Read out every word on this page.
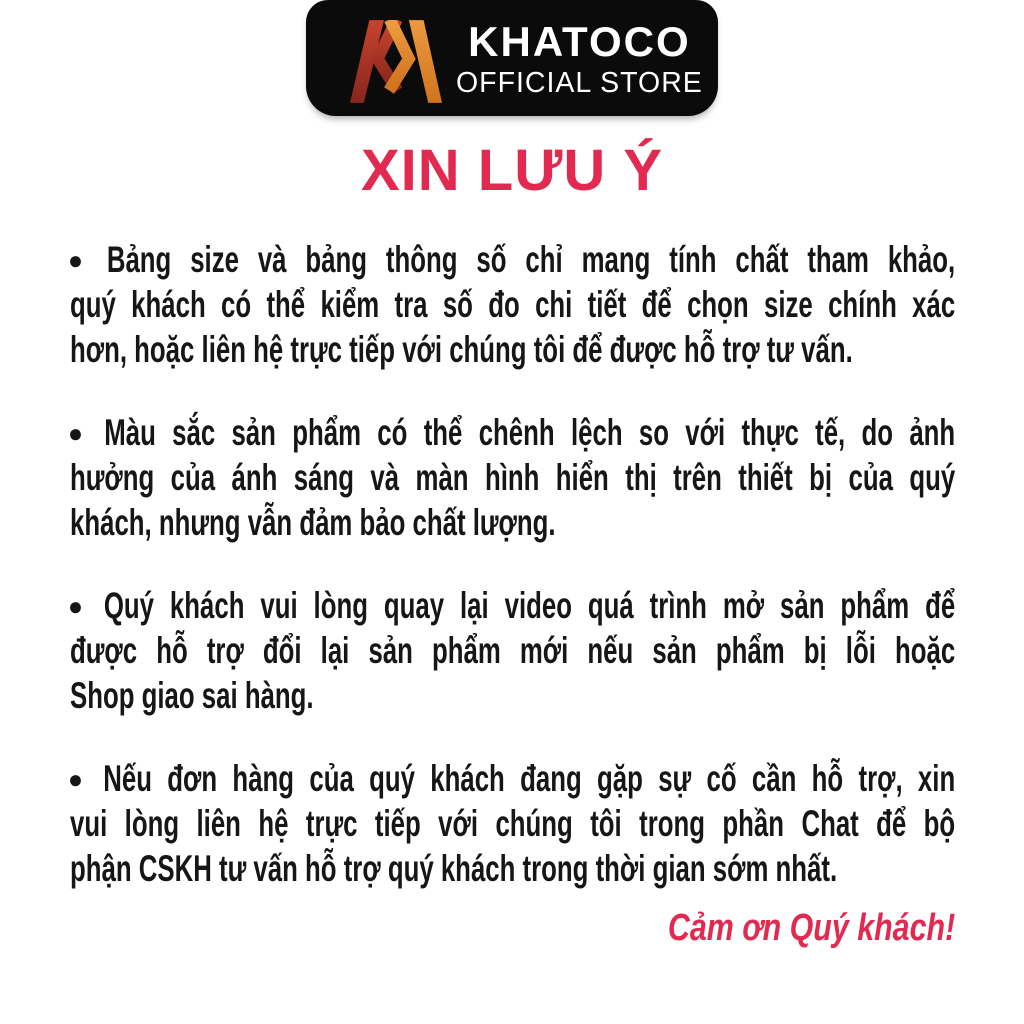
KHATOCO
OFFICIAL STORE
XIN LƯU Ý
● Bảng size và bảng thông số chỉ mang tính chất tham khảo,
quý khách có thể kiểm tra số đo chi tiết để chọn size chính xác
hơn, hoặc liên hệ trực tiếp với chúng tôi để được hỗ trợ tư vấn.
● Màu sắc sản phẩm có thể chênh lệch so với thực tế, do ảnh
hưởng của ánh sáng và màn hình hiển thị trên thiết bị của quý
khách, nhưng vẫn đảm bảo chất lượng.
● Quý khách vui lòng quay lại video quá trình mở sản phẩm để
được hỗ trợ đổi lại sản phẩm mới nếu sản phẩm bị lỗi hoặc
Shop giao sai hàng.
● Nếu đơn hàng của quý khách đang gặp sự cố cần hỗ trợ, xin
vui lòng liên hệ trực tiếp với chúng tôi trong phần Chat để bộ
phận CSKH tư vấn hỗ trợ quý khách trong thời gian sớm nhất.
Cảm ơn Quý khách!
